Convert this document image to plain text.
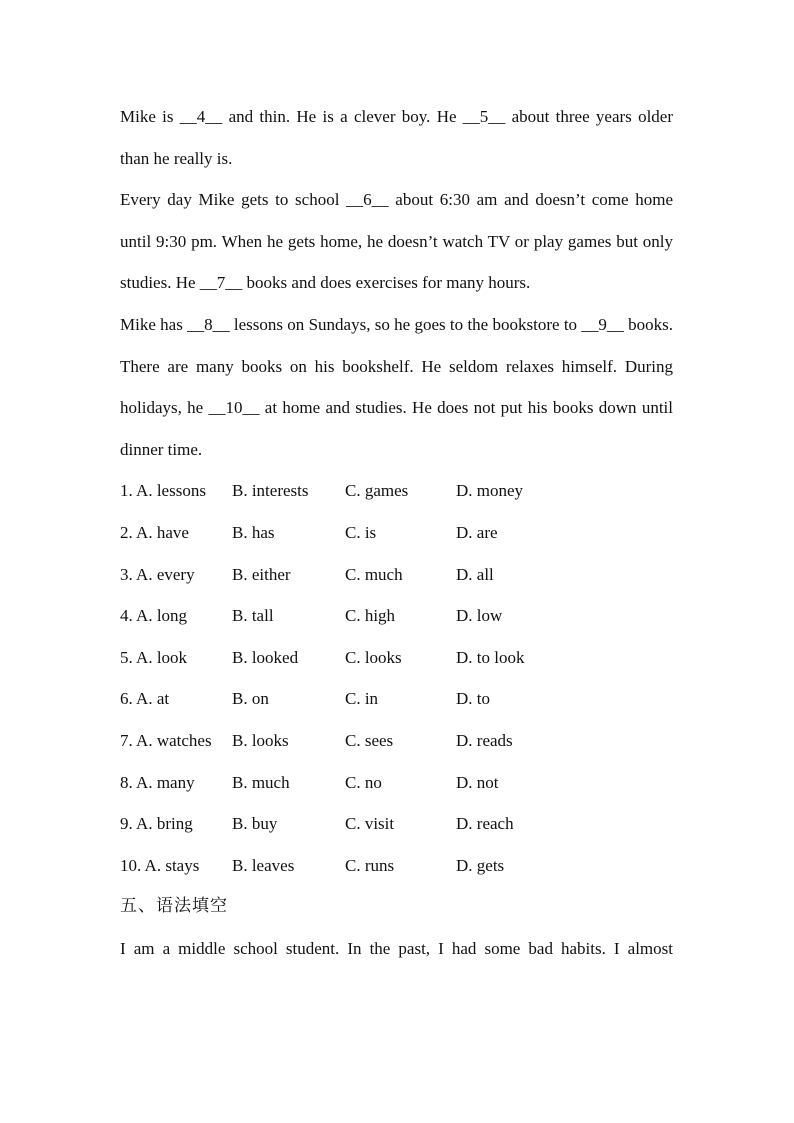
Mike is __4__ and thin. He is a clever boy. He __5__ about three years older than he really is.

Every day Mike gets to school __6__ about 6:30 am and doesn’t come home until 9:30 pm. When he gets home, he doesn’t watch TV or play games but only studies. He __7__ books and does exercises for many hours.

Mike has __8__ lessons on Sundays, so he goes to the bookstore to __9__ books. There are many books on his bookshelf. He seldom relaxes himself. During holidays, he __10__ at home and studies. He does not put his books down until dinner time.

1. A. lessons B. interests C. games	D. money
2. A. have	B. has	C. is	D. are
3. A. every B. either	C. much	D. all
4. A. long	B. tall	C. high	D. low
5. A. look	B. looked	C. looks	D. to look
6. A. at	B. on	C. in	D. to
7. A. watches B. looks	C. sees	D. reads
8. A. many B. much	C. no	D. not
9. A. bring B. buy	C. visit	D. reach
10. A. stays B. leaves	C. runs	D. gets
五、语法填空

I am a middle school student. In the past, I had some bad habits. I almost
